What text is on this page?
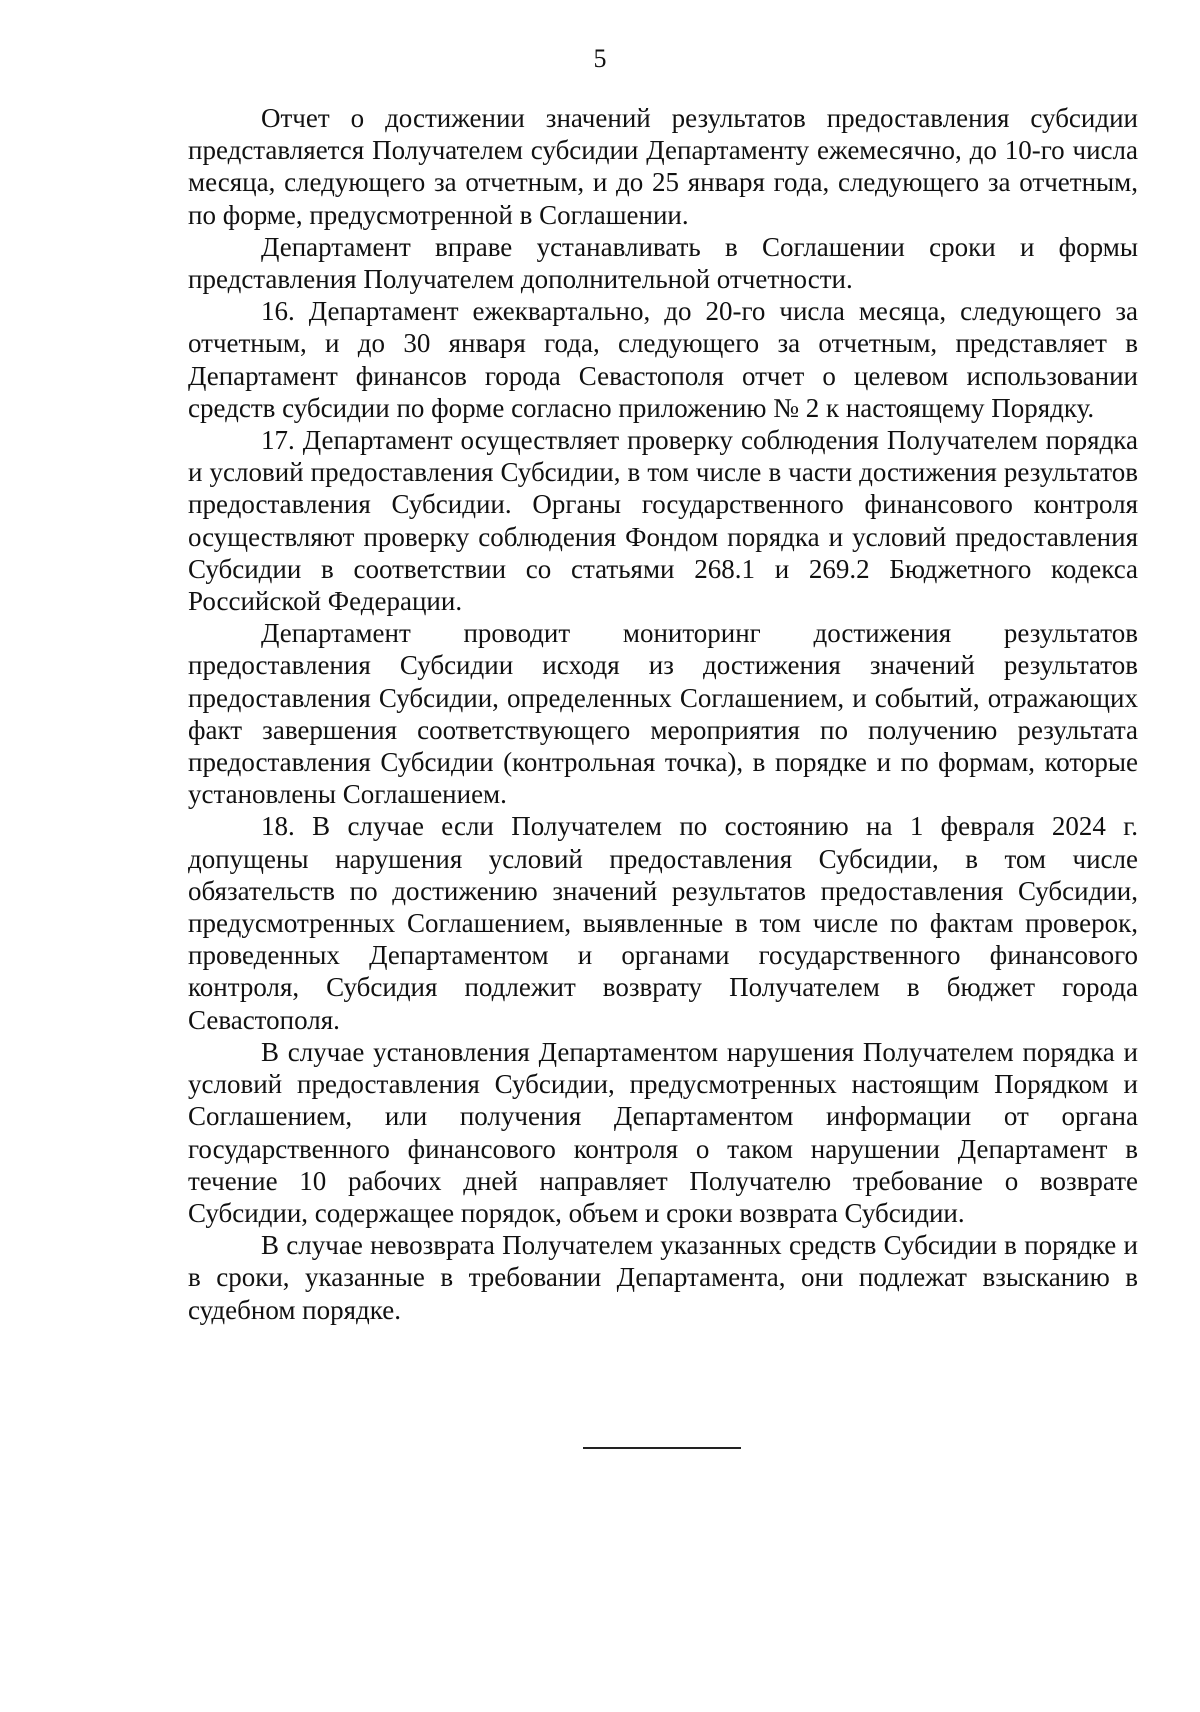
5

Отчет о достижении значений результатов предоставления субсидии представляется Получателем субсидии Департаменту ежемесячно, до 10-го числа месяца, следующего за отчетным, и до 25 января года, следующего за отчетным, по форме, предусмотренной в Соглашении.

Департамент вправе устанавливать в Соглашении сроки и формы представления Получателем дополнительной отчетности.

16. Департамент ежеквартально, до 20-го числа месяца, следующего за отчетным, и до 30 января года, следующего за отчетным, представляет в Департамент финансов города Севастополя отчет о целевом использовании средств субсидии по форме согласно приложению № 2 к настоящему Порядку.

17. Департамент осуществляет проверку соблюдения Получателем порядка и условий предоставления Субсидии, в том числе в части достижения результатов предоставления Субсидии. Органы государственного финансового контроля осуществляют проверку соблюдения Фондом порядка и условий предоставления Субсидии в соответствии со статьями 268.1 и 269.2 Бюджетного кодекса Российской Федерации.

Департамент проводит мониторинг достижения результатов предоставления Субсидии исходя из достижения значений результатов предоставления Субсидии, определенных Соглашением, и событий, отражающих факт завершения соответствующего мероприятия по получению результата предоставления Субсидии (контрольная точка), в порядке и по формам, которые установлены Соглашением.

18. В случае если Получателем по состоянию на 1 февраля 2024 г. допущены нарушения условий предоставления Субсидии, в том числе обязательств по достижению значений результатов предоставления Субсидии, предусмотренных Соглашением, выявленные в том числе по фактам проверок, проведенных Департаментом и органами государственного финансового контроля, Субсидия подлежит возврату Получателем в бюджет города Севастополя.

В случае установления Департаментом нарушения Получателем порядка и условий предоставления Субсидии, предусмотренных настоящим Порядком и Соглашением, или получения Департаментом информации от органа государственного финансового контроля о таком нарушении Департамент в течение 10 рабочих дней направляет Получателю требование о возврате Субсидии, содержащее порядок, объем и сроки возврата Субсидии.

В случае невозврата Получателем указанных средств Субсидии в порядке и в сроки, указанные в требовании Департамента, они подлежат взысканию в судебном порядке.
